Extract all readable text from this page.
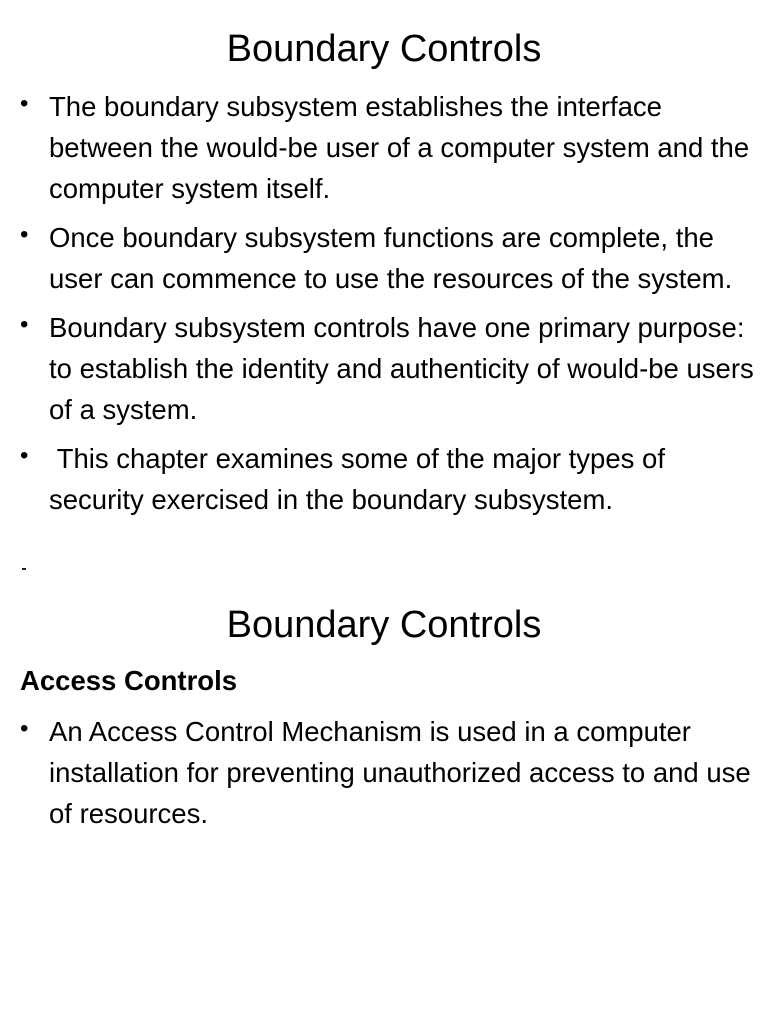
Boundary Controls
• The boundary subsystem establishes the interface between the would-be user of a computer system and the computer system itself.
• Once boundary subsystem functions are complete, the user can commence to use the resources of the system.
• Boundary subsystem controls have one primary purpose: to establish the identity and authenticity of would-be users of a system.
• This chapter examines some of the major types of security exercised in the boundary subsystem.
Boundary Controls
Access Controls
• An Access Control Mechanism is used in a computer installation for preventing unauthorized access to and use of resources.
